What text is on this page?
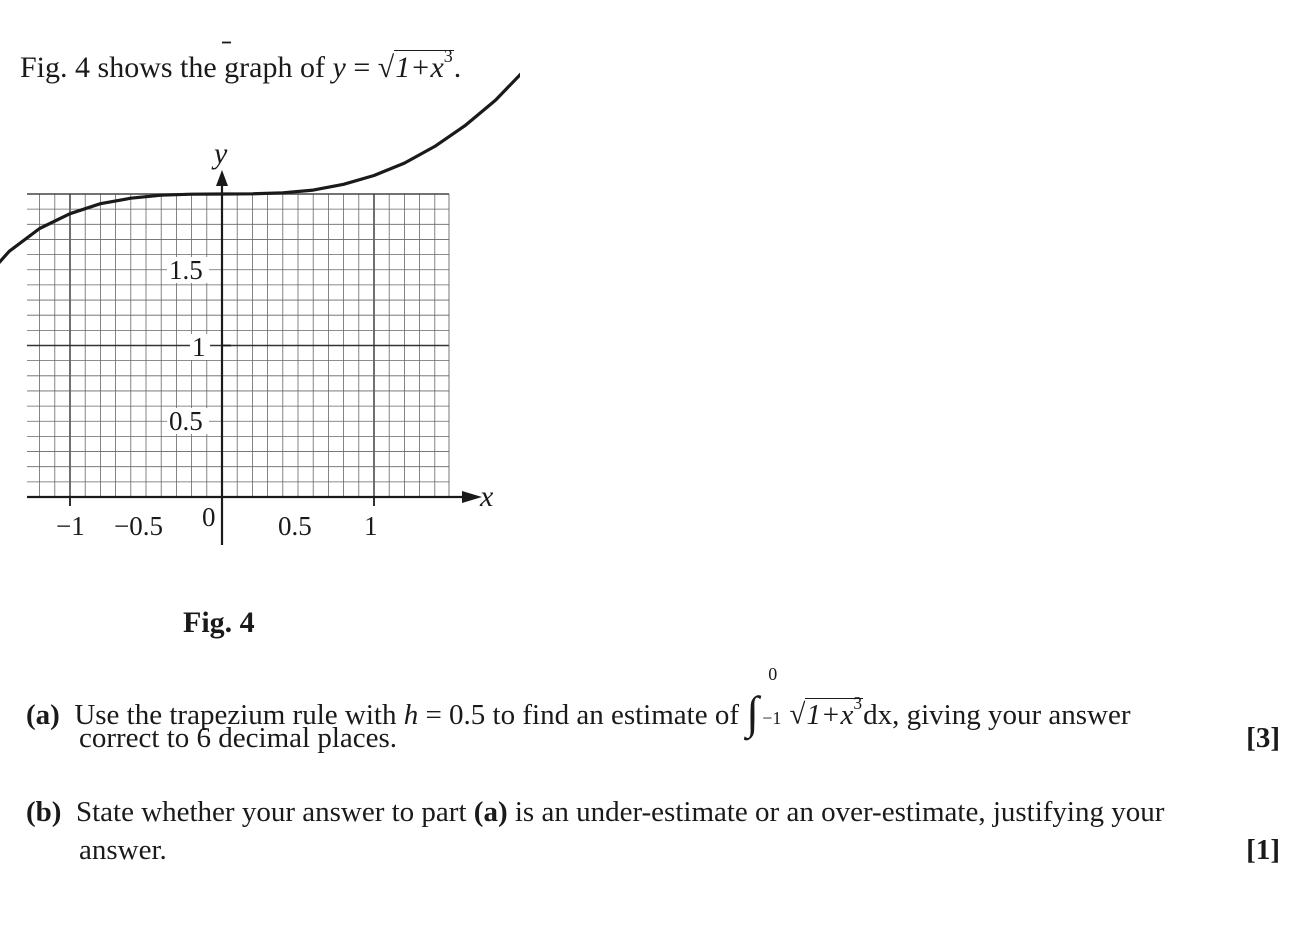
Fig. 4 shows the graph of $y = √1+x^3$.
x
y
0
−1 −0.5	0.5 1
0.5
1
1.5
Fig. 4
(a) Use the trapezium rule with h = 0.5 to find an estimate of ∫
0
−1 $√1+x^3dx$, giving your answer
correct to 6 decimal places.	[3]
(b) State whether your answer to part (a) is an under-estimate or an over-estimate, justifying your
answer.	[1]
